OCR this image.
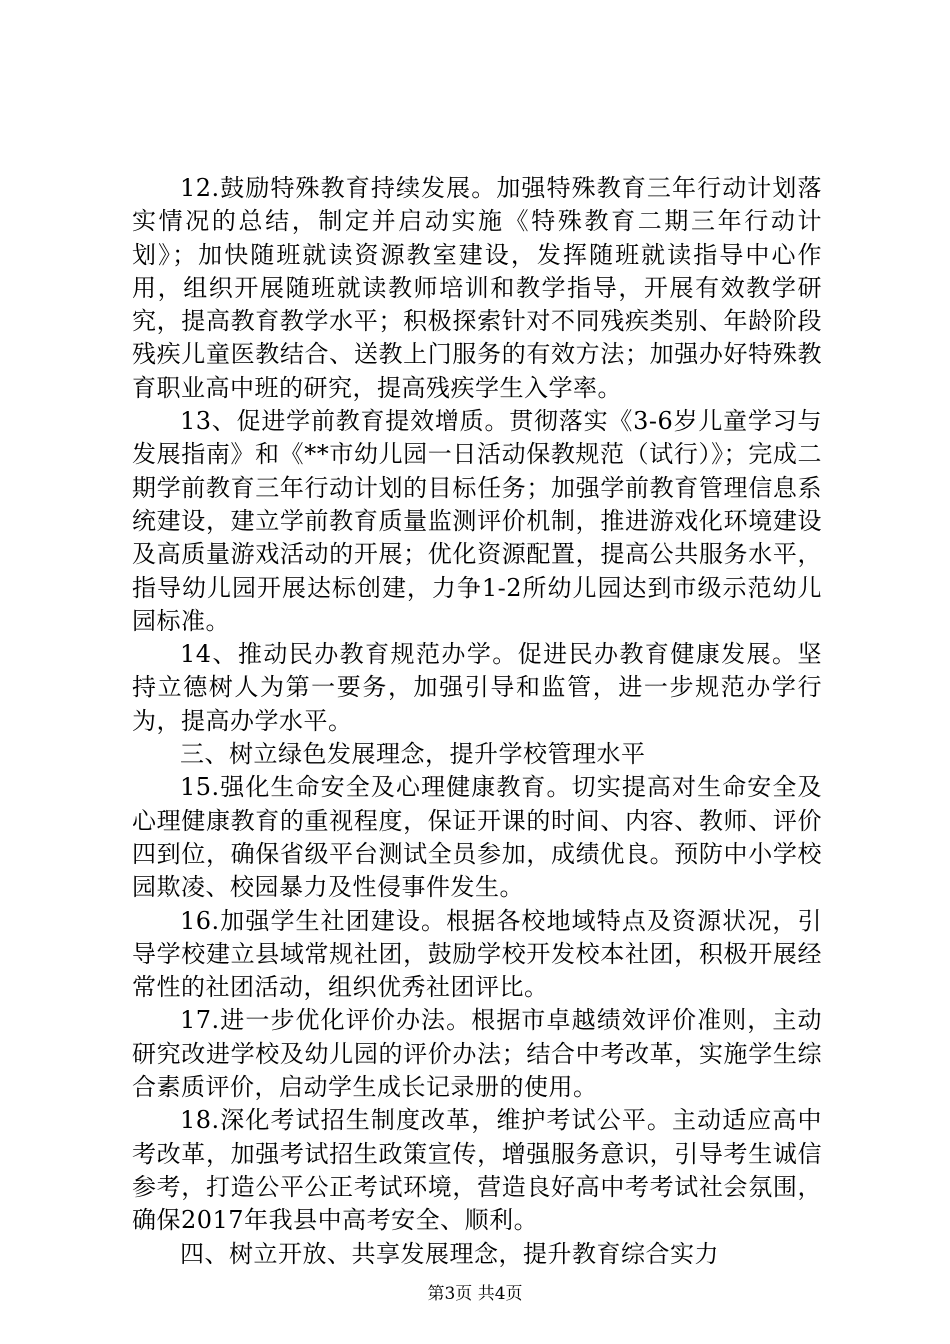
12.鼓励特殊教育持续发展。加强特殊教育三年行动计划落实情况的总结，制定并启动实施《特殊教育二期三年行动计划》；加快随班就读资源教室建设，发挥随班就读指导中心作用，组织开展随班就读教师培训和教学指导，开展有效教学研究，提高教育教学水平；积极探索针对不同残疾类别、年龄阶段残疾儿童医教结合、送教上门服务的有效方法；加强办好特殊教育职业高中班的研究，提高残疾学生入学率。

13、促进学前教育提效增质。贯彻落实《3-6岁儿童学习与发展指南》和《**市幼儿园一日活动保教规范（试行）》；完成二期学前教育三年行动计划的目标任务；加强学前教育管理信息系统建设，建立学前教育质量监测评价机制，推进游戏化环境建设及高质量游戏活动的开展；优化资源配置，提高公共服务水平，指导幼儿园开展达标创建，力争1-2所幼儿园达到市级示范幼儿园标准。

14、推动民办教育规范办学。促进民办教育健康发展。坚持立德树人为第一要务，加强引导和监管，进一步规范办学行为，提高办学水平。

三、树立绿色发展理念，提升学校管理水平

15.强化生命安全及心理健康教育。切实提高对生命安全及心理健康教育的重视程度，保证开课的时间、内容、教师、评价四到位，确保省级平台测试全员参加，成绩优良。预防中小学校园欺凌、校园暴力及性侵事件发生。

16.加强学生社团建设。根据各校地域特点及资源状况，引导学校建立县域常规社团，鼓励学校开发校本社团，积极开展经常性的社团活动，组织优秀社团评比。

17.进一步优化评价办法。根据市卓越绩效评价准则，主动研究改进学校及幼儿园的评价办法；结合中考改革，实施学生综合素质评价，启动学生成长记录册的使用。

18.深化考试招生制度改革，维护考试公平。主动适应高中考改革，加强考试招生政策宣传，增强服务意识，引导考生诚信参考，打造公平公正考试环境，营造良好高中考考试社会氛围，确保2017年我县中高考安全、顺利。

四、树立开放、共享发展理念，提升教育综合实力

第3页 共4页
